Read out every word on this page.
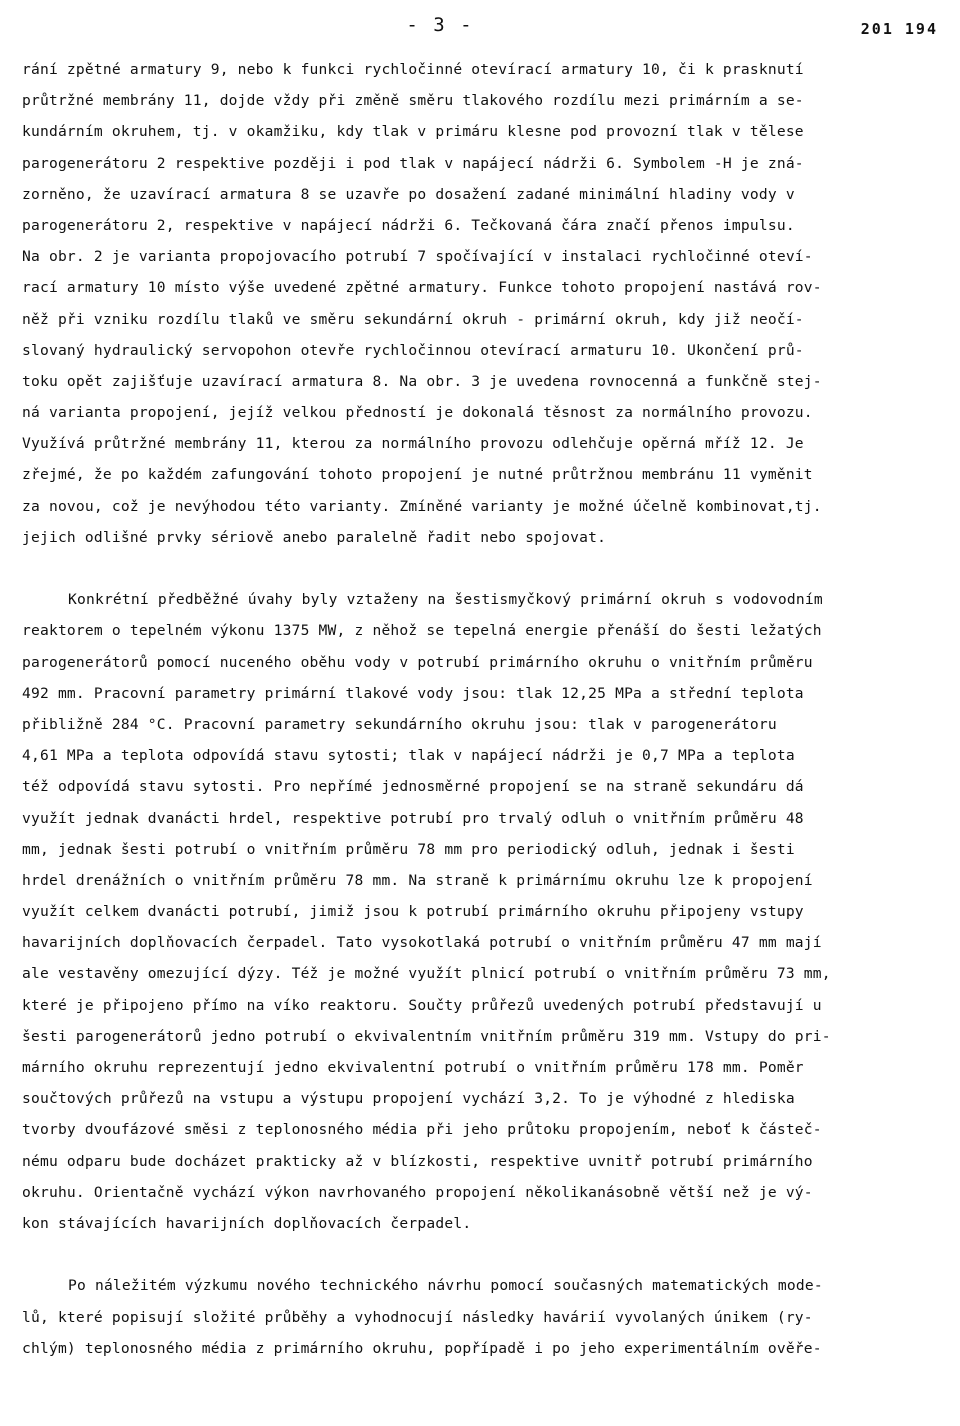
- 3 -	201 194
rání zpětné armatury 9, nebo k funkci rychločinné otevírací armatury 10, či k prasknutí
průtržné membrány 11, dojde vždy při změně směru tlakového rozdílu mezi primárním a se-
kundárním okruhem, tj. v okamžiku, kdy tlak v primáru klesne pod provozní tlak v tělese
parogenerátoru 2 respektive později i pod tlak v napájecí nádrži 6. Symbolem -H je zná-
zorněno, že uzavírací armatura 8 se uzavře po dosažení zadané minimální hladiny vody v
parogenerátoru 2, respektive v napájecí nádrži 6. Tečkovaná čára značí přenos impulsu.
Na obr. 2 je varianta propojovacího potrubí 7 spočívající v instalaci rychločinné oteví-
rací armatury 10 místo výše uvedené zpětné armatury. Funkce tohoto propojení nastává rov-
něž při vzniku rozdílu tlaků ve směru sekundární okruh - primární okruh, kdy již neočí-
slovaný hydraulický servopohon otevře rychločinnou otevírací armaturu 10. Ukončení prů-
toku opět zajišťuje uzavírací armatura 8. Na obr. 3 je uvedena rovnocenná a funkčně stej-
ná varianta propojení, jejíž velkou předností je dokonalá těsnost za normálního provozu.
Využívá průtržné membrány 11, kterou za normálního provozu odlehčuje opěrná mříž 12. Je
zřejmé, že po každém zafungování tohoto propojení je nutné průtržnou membránu 11 vyměnit
za novou, což je nevýhodou této varianty. Zmíněné varianty je možné účelně kombinovat,tj.
jejich odlišné prvky sériově anebo paralelně řadit nebo spojovat.
Konkrétní předběžné úvahy byly vztaženy na šestismyčkový primární okruh s vodovodním
reaktorem o tepelném výkonu 1375 MW, z něhož se tepelná energie přenáší do šesti ležatých
parogenerátorů pomocí nuceného oběhu vody v potrubí primárního okruhu o vnitřním průměru
492 mm. Pracovní parametry primární tlakové vody jsou: tlak 12,25 MPa a střední teplota
přibližně 284 °C. Pracovní parametry sekundárního okruhu jsou: tlak v parogenerátoru
4,61 MPa a teplota odpovídá stavu sytosti; tlak v napájecí nádrži je 0,7 MPa a teplota
též odpovídá stavu sytosti. Pro nepřímé jednosměrné propojení se na straně sekundáru dá
využít jednak dvanácti hrdel, respektive potrubí pro trvalý odluh o vnitřním průměru 48
mm, jednak šesti potrubí o vnitřním průměru 78 mm pro periodický odluh, jednak i šesti
hrdel drenážních o vnitřním průměru 78 mm. Na straně k primárnímu okruhu lze k propojení
využít celkem dvanácti potrubí, jimiž jsou k potrubí primárního okruhu připojeny vstupy
havarijních doplňovacích čerpadel. Tato vysokotlaká potrubí o vnitřním průměru 47 mm mají
ale vestavěny omezující dýzy. Též je možné využít plnicí potrubí o vnitřním průměru 73 mm,
které je připojeno přímo na víko reaktoru. Součty průřezů uvedených potrubí představují u
šesti parogenerátorů jedno potrubí o ekvivalentním vnitřním průměru 319 mm. Vstupy do pri-
márního okruhu reprezentují jedno ekvivalentní potrubí o vnitřním průměru 178 mm. Poměr
součtových průřezů na vstupu a výstupu propojení vychází 3,2. To je výhodné z hlediska
tvorby dvoufázové směsi z teplonosného média při jeho průtoku propojením, neboť k částeč-
nému odparu bude docházet prakticky až v blízkosti, respektive uvnitř potrubí primárního
okruhu. Orientačně vychází výkon navrhovaného propojení několikanásobně větší než je vý-
kon stávajících havarijních doplňovacích čerpadel.
Po náležitém výzkumu nového technického návrhu pomocí současných matematických mode-
lů, které popisují složité průběhy a vyhodnocují následky havárií vyvolaných únikem (ry-
chlým) teplonosného média z primárního okruhu, popřípadě i po jeho experimentálním ověře-
